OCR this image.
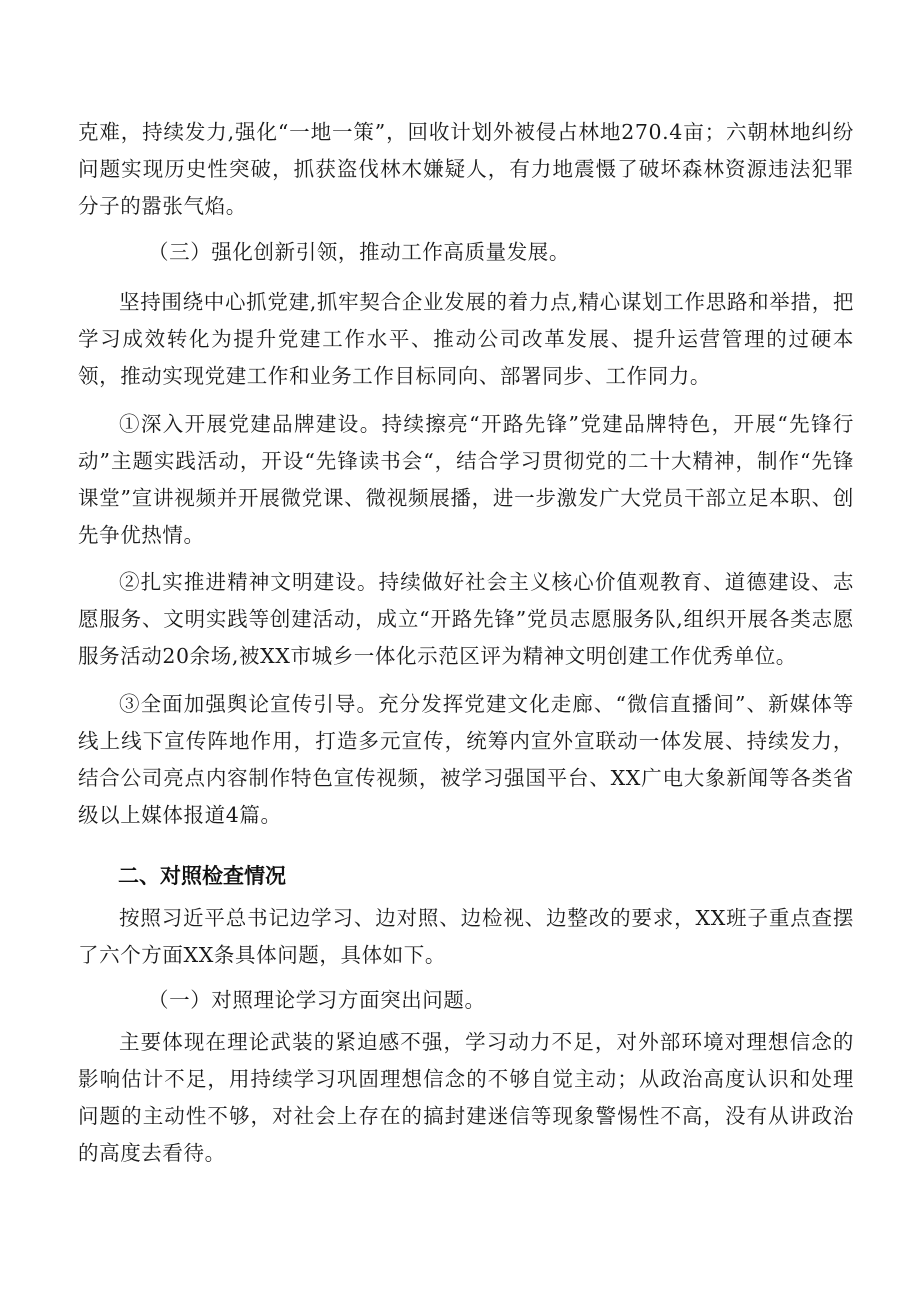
克难，持续发力,强化“一地一策”，回收计划外被侵占林地270.4亩；六朝林地纠纷问题实现历史性突破，抓获盗伐林木嫌疑人，有力地震慑了破坏森林资源违法犯罪分子的嚣张气焰。

（三）强化创新引领，推动工作高质量发展。

坚持围绕中心抓党建,抓牢契合企业发展的着力点,精心谋划工作思路和举措，把学习成效转化为提升党建工作水平、推动公司改革发展、提升运营管理的过硬本领，推动实现党建工作和业务工作目标同向、部署同步、工作同力。

①深入开展党建品牌建设。持续擦亮“开路先锋”党建品牌特色，开展“先锋行动”主题实践活动，开设“先锋读书会“，结合学习贯彻党的二十大精神，制作“先锋课堂”宣讲视频并开展微党课、微视频展播，进一步激发广大党员干部立足本职、创先争优热情。

②扎实推进精神文明建设。持续做好社会主义核心价值观教育、道德建设、志愿服务、文明实践等创建活动，成立“开路先锋”党员志愿服务队,组织开展各类志愿服务活动20余场,被XX市城乡一体化示范区评为精神文明创建工作优秀单位。

③全面加强舆论宣传引导。充分发挥党建文化走廊、“微信直播间”、新媒体等线上线下宣传阵地作用，打造多元宣传，统筹内宣外宣联动一体发展、持续发力，结合公司亮点内容制作特色宣传视频，被学习强国平台、XX广电大象新闻等各类省级以上媒体报道4篇。

二、对照检查情况

按照习近平总书记边学习、边对照、边检视、边整改的要求，XX班子重点查摆了六个方面XX条具体问题，具体如下。

（一）对照理论学习方面突出问题。

主要体现在理论武装的紧迫感不强，学习动力不足，对外部环境对理想信念的影响估计不足，用持续学习巩固理想信念的不够自觉主动；从政治高度认识和处理问题的主动性不够，对社会上存在的搞封建迷信等现象警惕性不高，没有从讲政治的高度去看待。
